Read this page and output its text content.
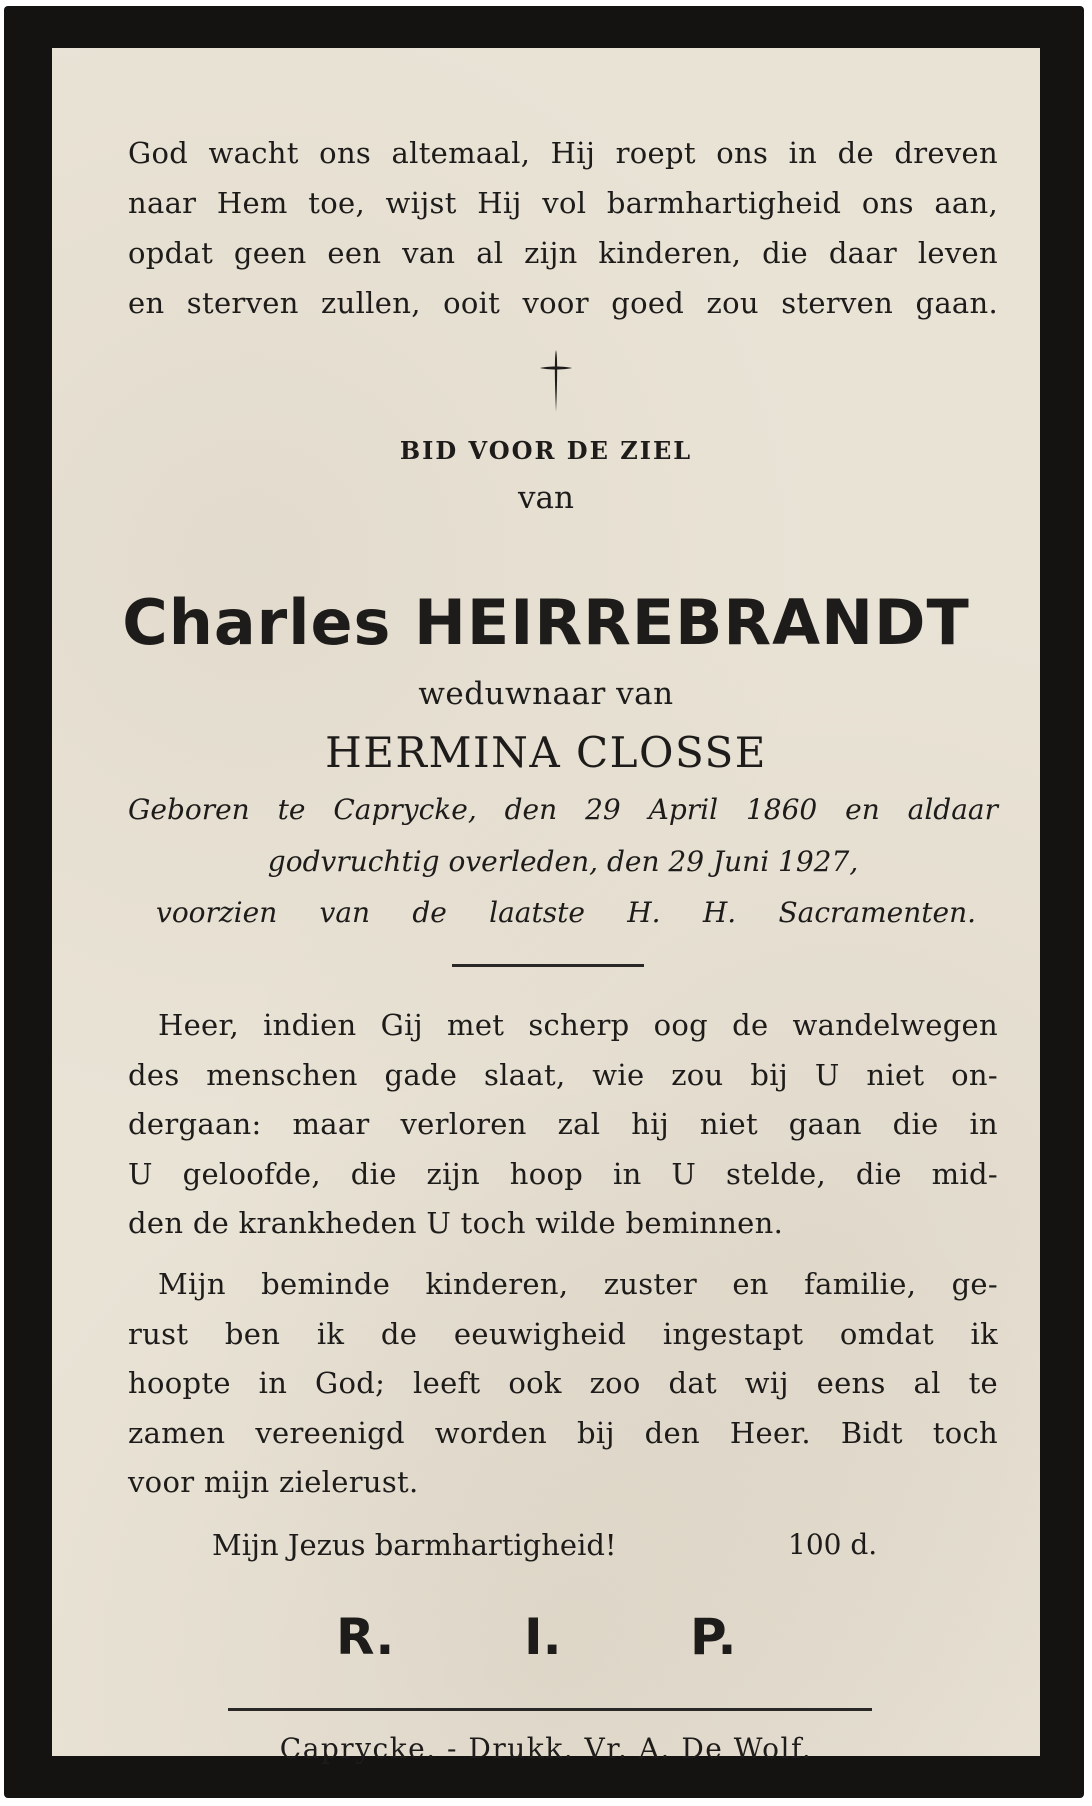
God wacht ons altemaal, Hij roept ons in de dreven
naar Hem toe, wijst Hij vol barmhartigheid ons aan,
opdat geen een van al zijn kinderen, die daar leven
en sterven zullen, ooit voor goed zou sterven gaan.
BID VOOR DE ZIEL
van
Charles HEIRREBRANDT
weduwnaar van
HERMINA CLOSSE
Geboren te Caprycke, den 29 April 1860 en aldaar
godvruchtig overleden, den 29 Juni 1927,
voorzien van de laatste H. H. Sacramenten.
Heer, indien Gij met scherp oog de wandelwegen
des menschen gade slaat, wie zou bij U niet on-
dergaan: maar verloren zal hij niet gaan die in
U geloofde, die zijn hoop in U stelde, die mid-
den de krankheden U toch wilde beminnen.
Mijn beminde kinderen, zuster en familie, ge-
rust ben ik de eeuwigheid ingestapt omdat ik
hoopte in God; leeft ook zoo dat wij eens al te
zamen vereenigd worden bij den Heer. Bidt toch
voor mijn zielerust.
Mijn Jezus barmhartigheid!	100 d.
R.	I.	P.
Caprycke. - Drukk. Vr. A. De Wolf.
